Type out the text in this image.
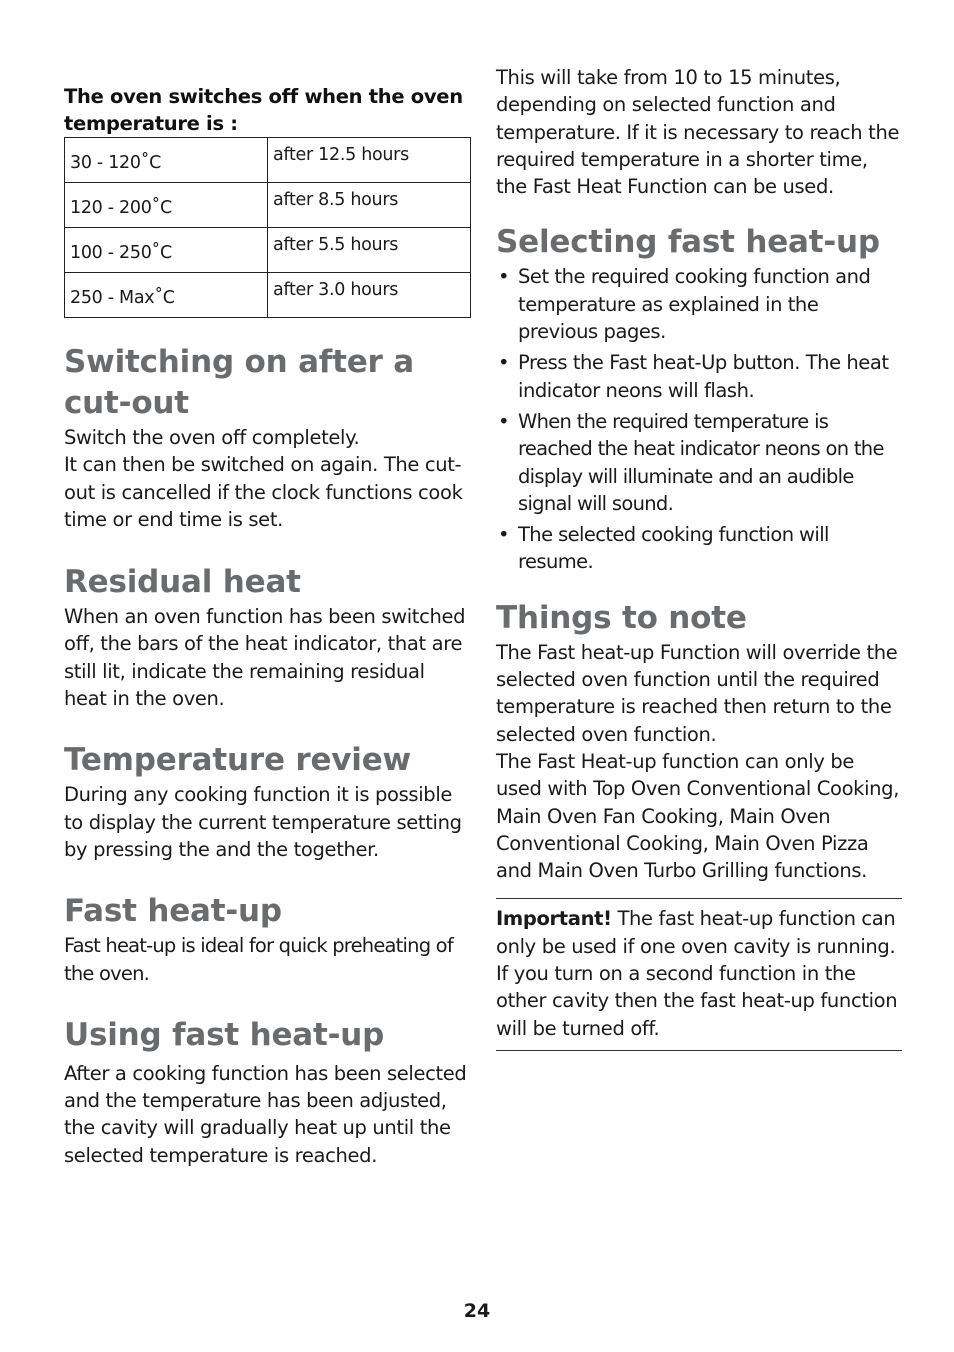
The oven switches off when the oven temperature is :
30 - 120˚C	after 12.5 hours
120 - 200˚C	after 8.5 hours
100 - 250˚C	after 5.5 hours
250 - Max˚C	after 3.0 hours
Switching on after a cut-out

Switch the oven off completely.

It can then be switched on again. The cut-out is cancelled if the clock functions cook time or end time is set.

Residual heat

When an oven function has been switched off, the bars of the heat indicator, that are still lit, indicate the remaining residual heat in the oven.

Temperature review

During any cooking function it is possible to display the current temperature setting by pressing the and the together.

Fast heat-up

Fast heat-up is ideal for quick preheating of the oven.

Using fast heat-up

After a cooking function has been selected and the temperature has been adjusted, the cavity will gradually heat up until the selected temperature is reached.

This will take from 10 to 15 minutes, depending on selected function and temperature. If it is necessary to reach the required temperature in a shorter time, the Fast Heat Function can be used.

Selecting fast heat-up
• Set the required cooking function and temperature as explained in the previous pages.
• Press the Fast heat-Up button. The heat indicator neons will flash.
• When the required temperature is reached the heat indicator neons on the display will illuminate and an audible signal will sound.
• The selected cooking function will resume.
Things to note

The Fast heat-up Function will override the selected oven function until the required temperature is reached then return to the selected oven function.

The Fast Heat-up function can only be used with Top Oven Conventional Cooking, Main Oven Fan Cooking, Main Oven Conventional Cooking, Main Oven Pizza and Main Oven Turbo Grilling functions.

Important! The fast heat-up function can only be used if one oven cavity is running. If you turn on a second function in the other cavity then the fast heat-up function will be turned off.

24
